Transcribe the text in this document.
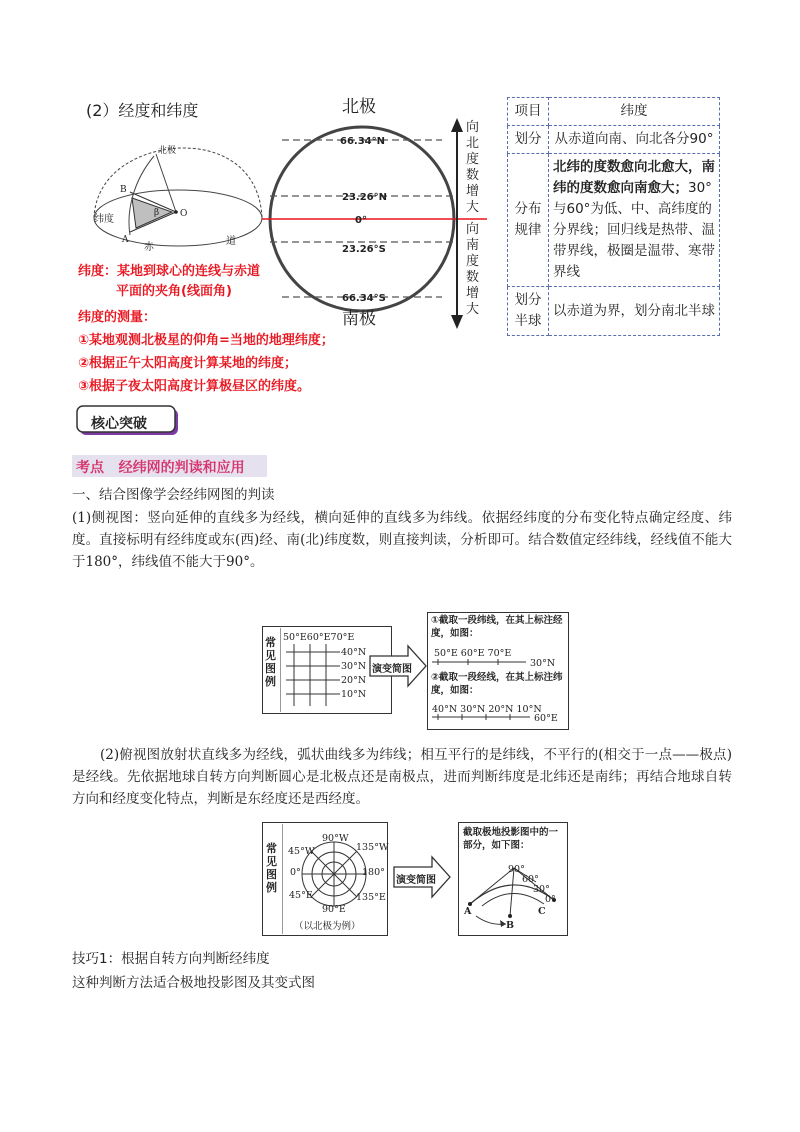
(2）经度和纬度
北极
B
A
O
β
纬度
赤
道
北极
66.34°N
23.26°N
0°
23.26°S
66.34°S
南极
向北度数增大
向南度数增大
项目	纬度
划分	从赤道向南、向北各分90°
分布规律	北纬的度数愈向北愈大，南纬的度数愈向南愈大；30°与60°为低、中、高纬度的分界线；回归线是热带、温带界线，极圈是温带、寒带界线
划分半球	以赤道为界，划分南北半球
纬度：某地到球心的连线与赤道
平面的夹角(线面角)
纬度的测量：
①某地观测北极星的仰角=当地的地理纬度；
②根据正午太阳高度计算某地的纬度；
③根据子夜太阳高度计算极昼区的纬度。
核心突破
考点   经纬网的判读和应用
一、结合图像学会经纬网图的判读
(1)侧视图：竖向延伸的直线多为经线，横向延伸的直线多为纬线。依据经纬度的分布变化特点确定经度、纬度。直接标明有经纬度或东(西)经、南(北)纬度数，则直接判读，分析即可。结合数值定经纬线，经线值不能大于180°，纬线值不能大于90°。
常见图例
50°E60°E70°E
40°N
30°N
20°N
10°N
演变简图
①截取一段纬线，在其上标注经度，如图：
50°E 60°E 70°E
30°N
②截取一段经线，在其上标注纬度，如图：
40°N 30°N 20°N 10°N
60°E
(2)俯视图放射状直线多为经线，弧状曲线多为纬线；相互平行的是纬线，不平行的(相交于一点——极点)是经线。先依据地球自转方向判断圆心是北极点还是南极点，进而判断纬度是北纬还是南纬；再结合地球自转方向和经度变化特点，判断是东经度还是西经度。
常见图例
90°W
45°W	135°W
0°	180°
45°E	135°E
90°E
（以北极为例）
演变简图
截取极地投影图中的一部分，如下图：
90°
60°
30°
0°
A
B
C
技巧1：根据自转方向判断经纬度
这种判断方法适合极地投影图及其变式图
